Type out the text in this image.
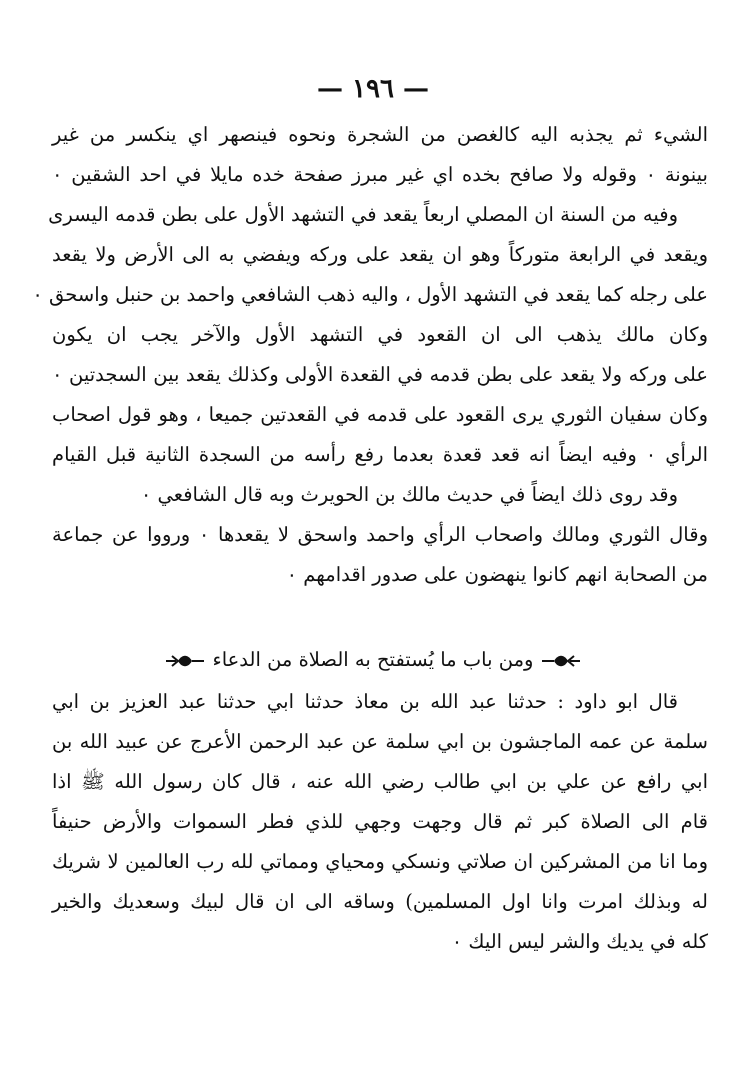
— ١٩٦ —
الشيء ثم يجذبه اليه كالغصن من الشجرة ونحوه فينصهر اي ينكسر من غير
بينونة ٠ وقوله ولا صافح بخده اي غير مبرز صفحة خده مايلا في احد الشقين ٠
وفيه من السنة ان المصلي اربعاً يقعد في التشهد الأول على بطن قدمه اليسرى
ويقعد في الرابعة متوركاً وهو ان يقعد على وركه ويفضي به الى الأرض ولا يقعد
على رجله كما يقعد في التشهد الأول ، واليه ذهب الشافعي واحمد بن حنبل واسحق ٠
وكان مالك يذهب الى ان القعود في التشهد الأول والآخر يجب ان يكون
على وركه ولا يقعد على بطن قدمه في القعدة الأولى وكذلك يقعد بين السجدتين ٠
وكان سفيان الثوري يرى القعود على قدمه في القعدتين جميعا ، وهو قول اصحاب
الرأي ٠ وفيه ايضاً انه قعد قعدة بعدما رفع رأسه من السجدة الثانية قبل القيام
وقد روى ذلك ايضاً في حديث مالك بن الحويرث وبه قال الشافعي ٠
وقال الثوري ومالك واصحاب الرأي واحمد واسحق لا يقعدها ٠ ورووا عن جماعة
من الصحابة انهم كانوا ينهضون على صدور اقدامهم ٠
ومن باب ما يُستفتح به الصلاة من الدعاء
قال ابو داود : حدثنا عبد الله بن معاذ حدثنا ابي حدثنا عبد العزيز بن ابي
سلمة عن عمه الماجشون بن ابي سلمة عن عبد الرحمن الأعرج عن عبيد الله بن
ابي رافع عن علي بن ابي طالب رضي الله عنه ، قال كان رسول الله ﷺ اذا
قام الى الصلاة كبر ثم قال وجهت وجهي للذي فطر السموات والأرض حنيفاً
وما انا من المشركين ان صلاتي ونسكي ومحياي ومماتي لله رب العالمين لا شريك
له وبذلك امرت وانا اول المسلمين) وساقه الى ان قال لبيك وسعديك والخير
كله في يديك والشر ليس اليك ٠
